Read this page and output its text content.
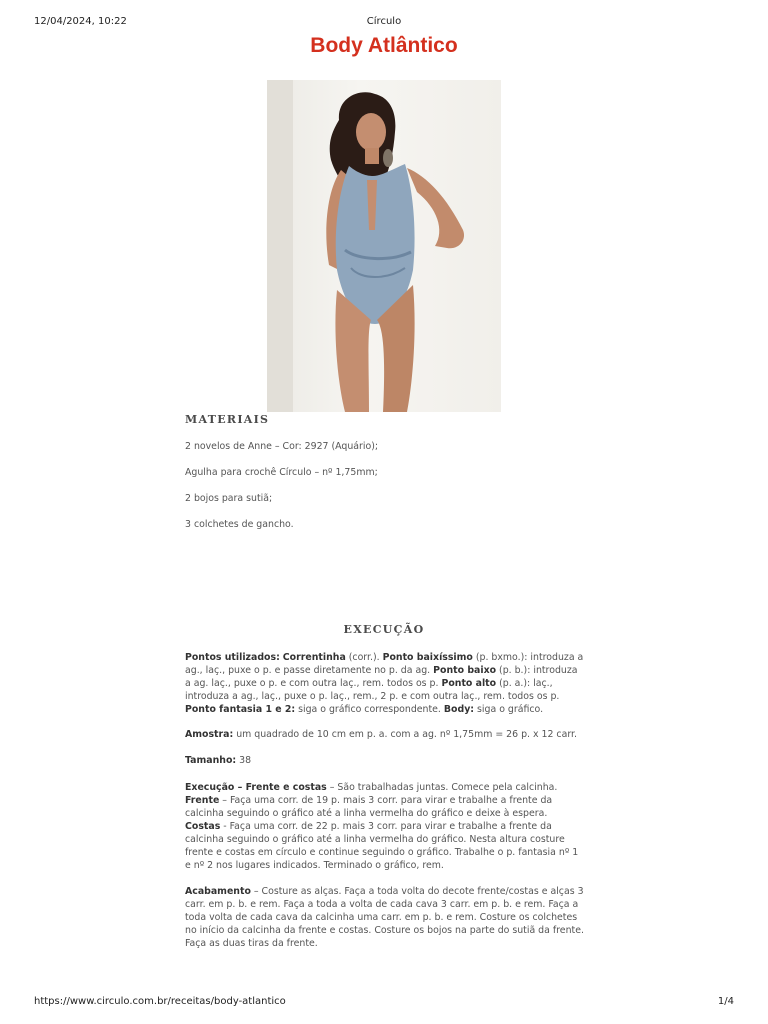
12/04/2024, 10:22	Círculo
Body Atlântico
MATERIAIS
2 novelos de Anne – Cor: 2927 (Aquário);
Agulha para crochê Círculo – nº 1,75mm;
2 bojos para sutiã;
3 colchetes de gancho.
EXECUÇÃO
Pontos utilizados: Correntinha (corr.). Ponto baixíssimo (p. bxmo.): introduza a ag., laç., puxe o p. e passe diretamente no p. da ag. Ponto baixo (p. b.): introduza a ag. laç., puxe o p. e com outra laç., rem. todos os p. Ponto alto (p. a.): laç., introduza a ag., laç., puxe o p. laç., rem., 2 p. e com outra laç., rem. todos os p. Ponto fantasia 1 e 2: siga o gráfico correspondente. Body: siga o gráfico.
Amostra: um quadrado de 10 cm em p. a. com a ag. nº 1,75mm = 26 p. x 12 carr.
Tamanho: 38
Execução – Frente e costas – São trabalhadas juntas. Comece pela calcinha. Frente – Faça uma corr. de 19 p. mais 3 corr. para virar e trabalhe a frente da calcinha seguindo o gráfico até a linha vermelha do gráfico e deixe à espera. Costas - Faça uma corr. de 22 p. mais 3 corr. para virar e trabalhe a frente da calcinha seguindo o gráfico até a linha vermelha do gráfico. Nesta altura costure frente e costas em círculo e continue seguindo o gráfico. Trabalhe o p. fantasia nº 1 e nº 2 nos lugares indicados. Terminado o gráfico, rem.
Acabamento – Costure as alças. Faça a toda volta do decote frente/costas e alças 3 carr. em p. b. e rem. Faça a toda a volta de cada cava 3 carr. em p. b. e rem. Faça a toda volta de cada cava da calcinha uma carr. em p. b. e rem. Costure os colchetes no início da calcinha da frente e costas. Costure os bojos na parte do sutiã da frente. Faça as duas tiras da frente.
https://www.circulo.com.br/receitas/body-atlantico	1/4
